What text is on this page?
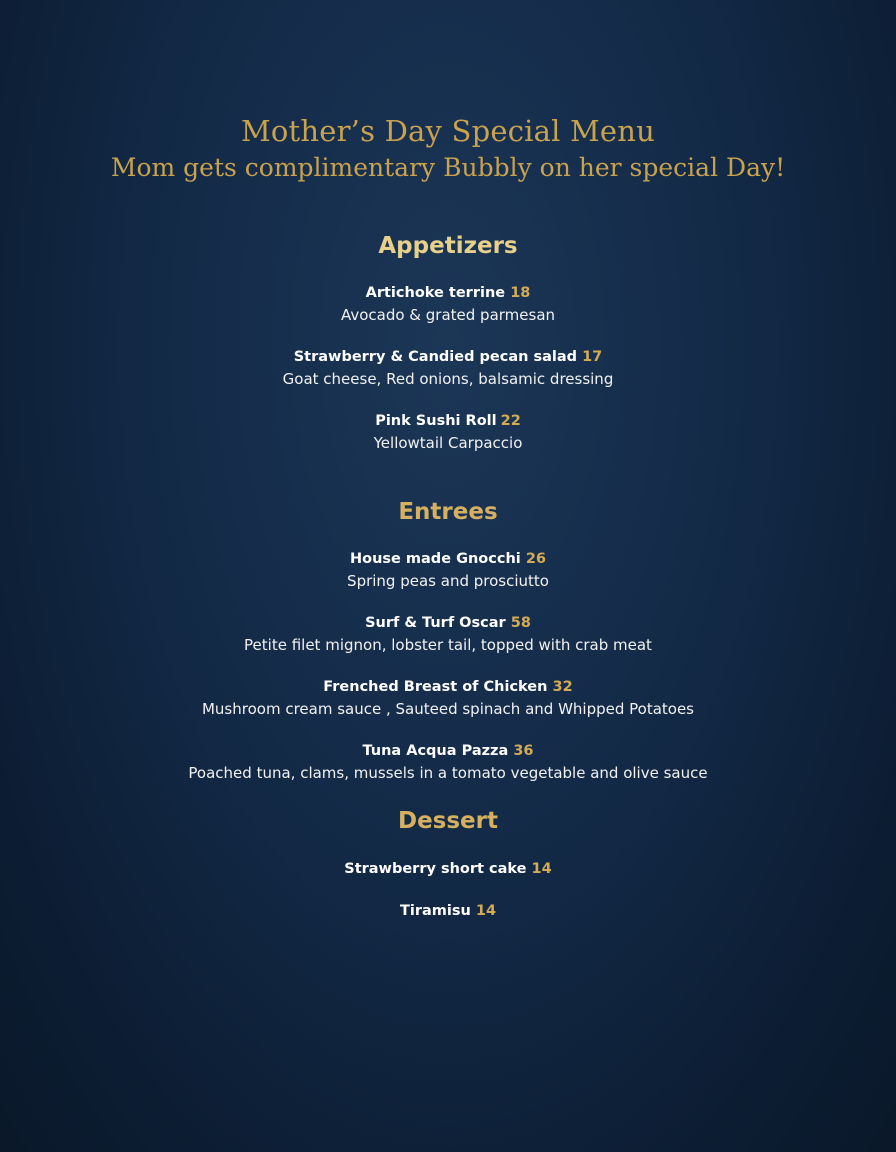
Mother’s Day Special Menu
Mom gets complimentary Bubbly on her special Day!
Appetizers
Artichoke terrine 18
Avocado & grated parmesan
Strawberry & Candied pecan salad 17
Goat cheese, Red onions, balsamic dressing
Pink Sushi Roll 22
Yellowtail Carpaccio
Entrees
House made Gnocchi 26
Spring peas and prosciutto
Surf & Turf Oscar 58
Petite filet mignon, lobster tail, topped with crab meat
Frenched Breast of Chicken 32
Mushroom cream sauce , Sauteed spinach and Whipped Potatoes
Tuna Acqua Pazza 36
Poached tuna, clams, mussels in a tomato vegetable and olive sauce
Dessert
Strawberry short cake 14
Tiramisu 14
